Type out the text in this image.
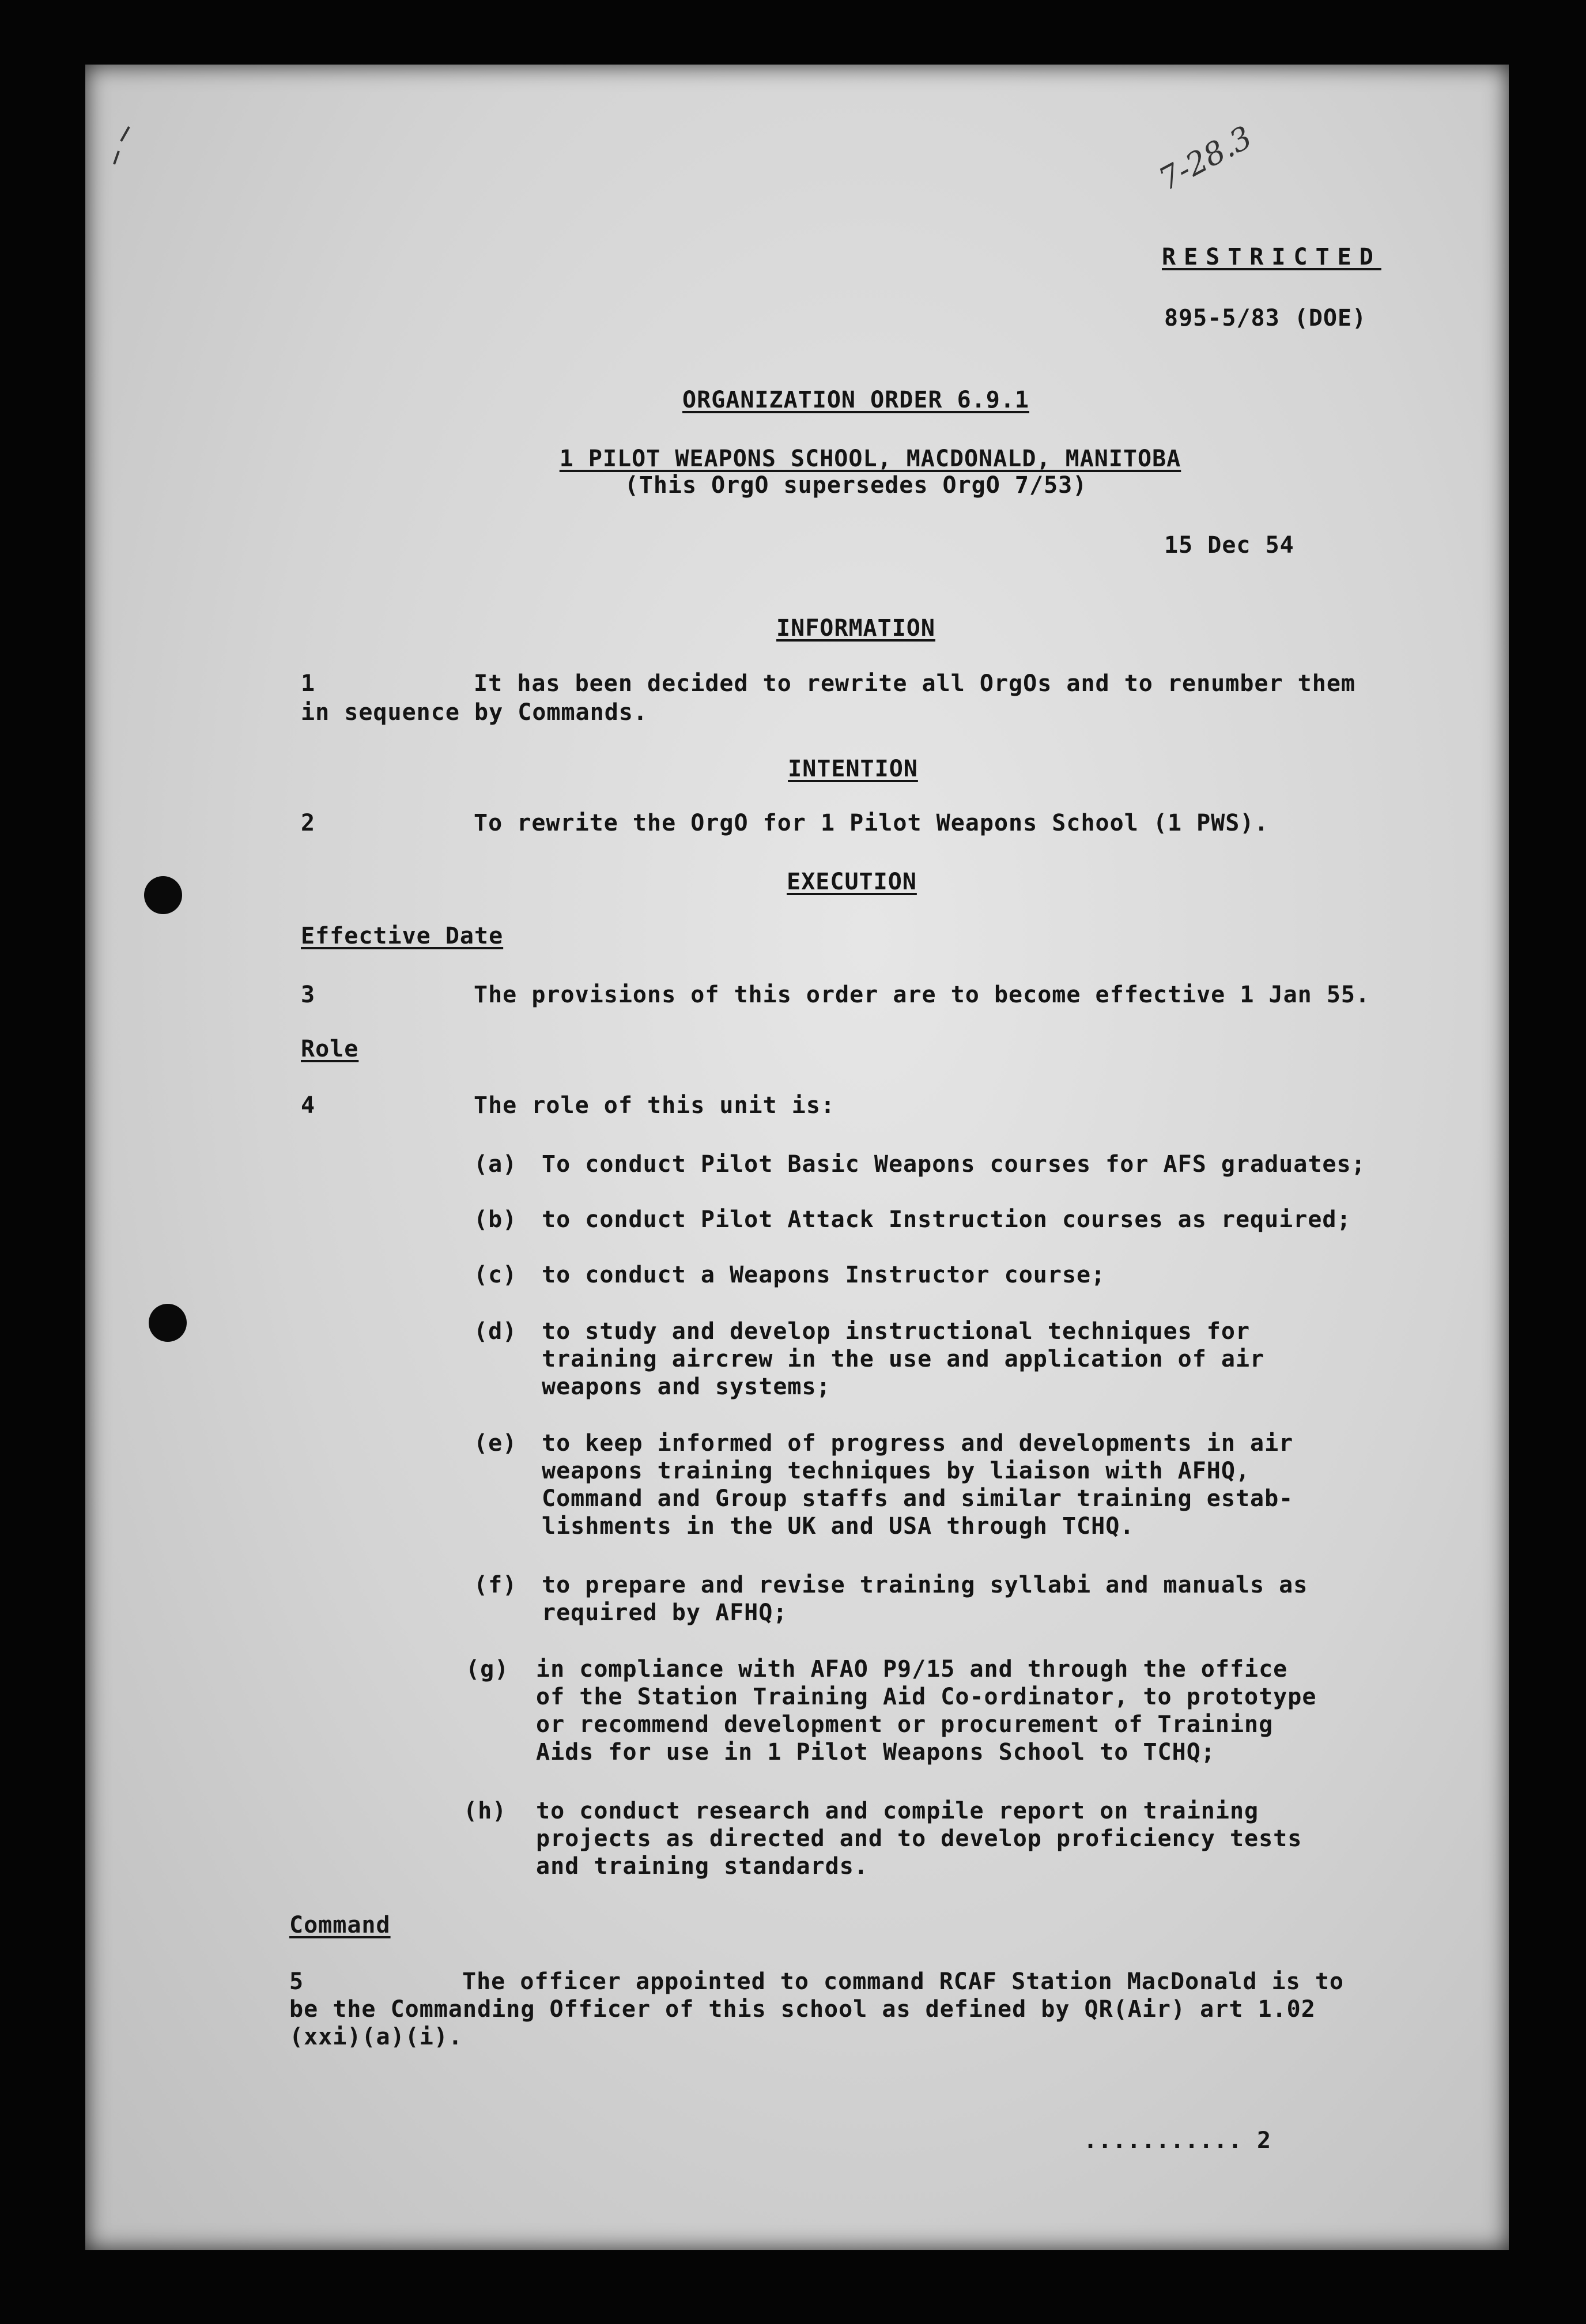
7-28.3
RESTRICTED
895-5/83 (DOE)
ORGANIZATION ORDER 6.9.1
1 PILOT WEAPONS SCHOOL, MACDONALD, MANITOBA
(This OrgO supersedes OrgO 7/53)
15 Dec 54
INFORMATION
1	It has been decided to rewrite all OrgOs and to renumber them
in sequence by Commands.
INTENTION
2	To rewrite the OrgO for 1 Pilot Weapons School (1 PWS).
EXECUTION
Effective Date
3	The provisions of this order are to become effective 1 Jan 55.
Role
4	The role of this unit is:
(a) To conduct Pilot Basic Weapons courses for AFS graduates;
(b) to conduct Pilot Attack Instruction courses as required;
(c) to conduct a Weapons Instructor course;
(d) to study and develop instructional techniques for
training aircrew in the use and application of air
weapons and systems;
(e) to keep informed of progress and developments in air
weapons training techniques by liaison with AFHQ,
Command and Group staffs and similar training estab-
lishments in the UK and USA through TCHQ.
(f) to prepare and revise training syllabi and manuals as
required by AFHQ;
(g) in compliance with AFAO P9/15 and through the office
of the Station Training Aid Co-ordinator, to prototype
or recommend development or procurement of Training
Aids for use in 1 Pilot Weapons School to TCHQ;
(h) to conduct research and compile report on training
projects as directed and to develop proficiency tests
and training standards.
Command
5	The officer appointed to command RCAF Station MacDonald is to
be the Commanding Officer of this school as defined by QR(Air) art 1.02
(xxi)(a)(i).
........... 2
